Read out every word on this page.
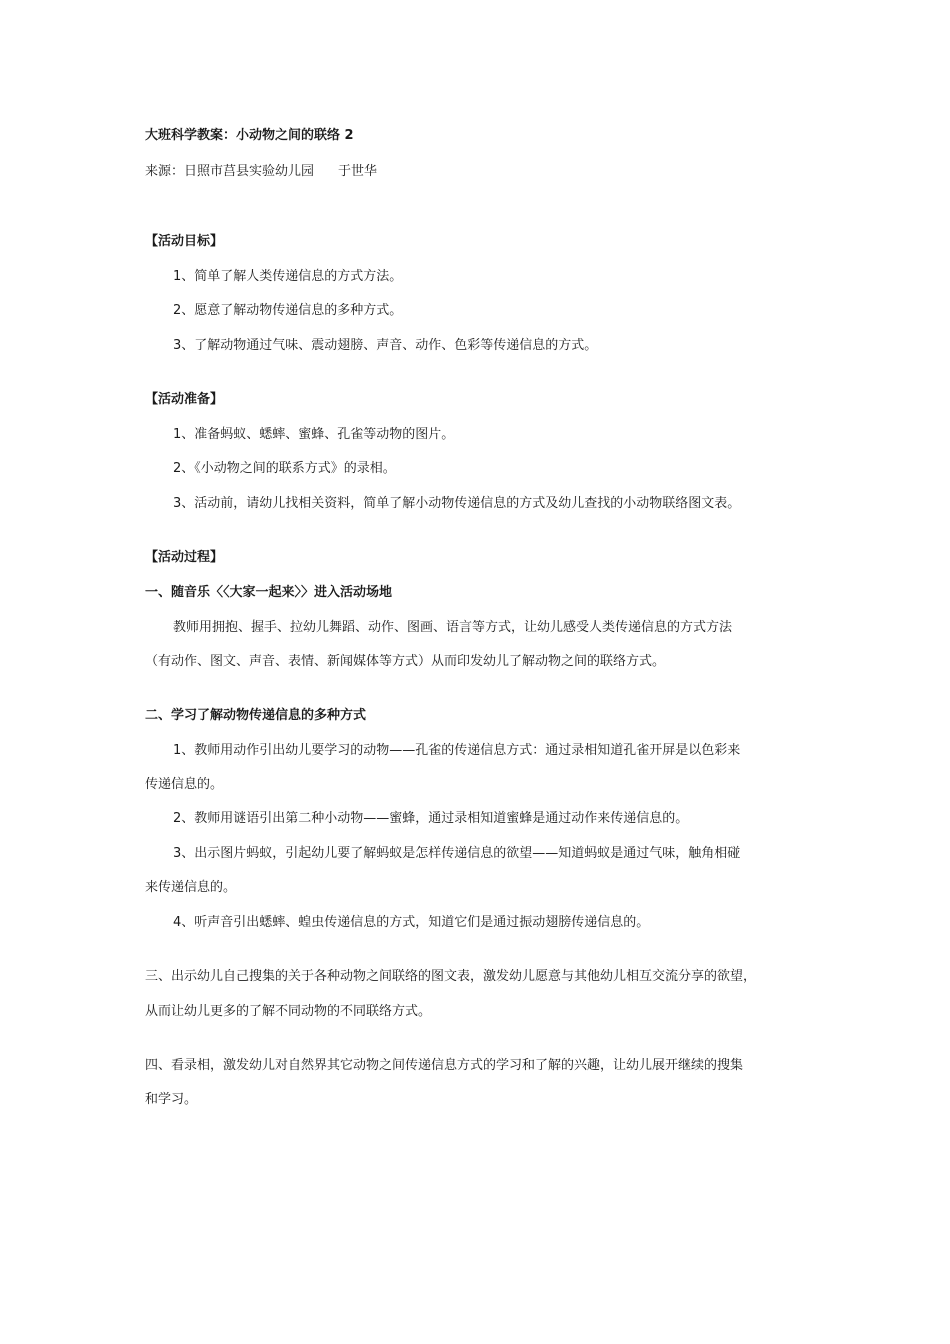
大班科学教案：小动物之间的联络 2
来源：日照市莒县实验幼儿园 于世华
【活动目标】
1、简单了解人类传递信息的方式方法。
2、愿意了解动物传递信息的多种方式。
3、了解动物通过气味、震动翅膀、声音、动作、色彩等传递信息的方式。
【活动准备】
1、准备蚂蚁、蟋蟀、蜜蜂、孔雀等动物的图片。
2、《小动物之间的联系方式》的录相。
3、活动前，请幼儿找相关资料，简单了解小动物传递信息的方式及幼儿查找的小动物联络图文表。
【活动过程】
一、随音乐〈〈大家一起来〉〉进入活动场地
教师用拥抱、握手、拉幼儿舞蹈、动作、图画、语言等方式，让幼儿感受人类传递信息的方式方法
（有动作、图文、声音、表情、新闻媒体等方式）从而印发幼儿了解动物之间的联络方式。
二、学习了解动物传递信息的多种方式
1、教师用动作引出幼儿要学习的动物——孔雀的传递信息方式：通过录相知道孔雀开屏是以色彩来
传递信息的。
2、教师用谜语引出第二种小动物——蜜蜂，通过录相知道蜜蜂是通过动作来传递信息的。
3、出示图片蚂蚁，引起幼儿要了解蚂蚁是怎样传递信息的欲望——知道蚂蚁是通过气味，触角相碰
来传递信息的。
4、听声音引出蟋蟀、蝗虫传递信息的方式，知道它们是通过振动翅膀传递信息的。
三、出示幼儿自己搜集的关于各种动物之间联络的图文表，激发幼儿愿意与其他幼儿相互交流分享的欲望，
从而让幼儿更多的了解不同动物的不同联络方式。
四、看录相，激发幼儿对自然界其它动物之间传递信息方式的学习和了解的兴趣，让幼儿展开继续的搜集
和学习。
